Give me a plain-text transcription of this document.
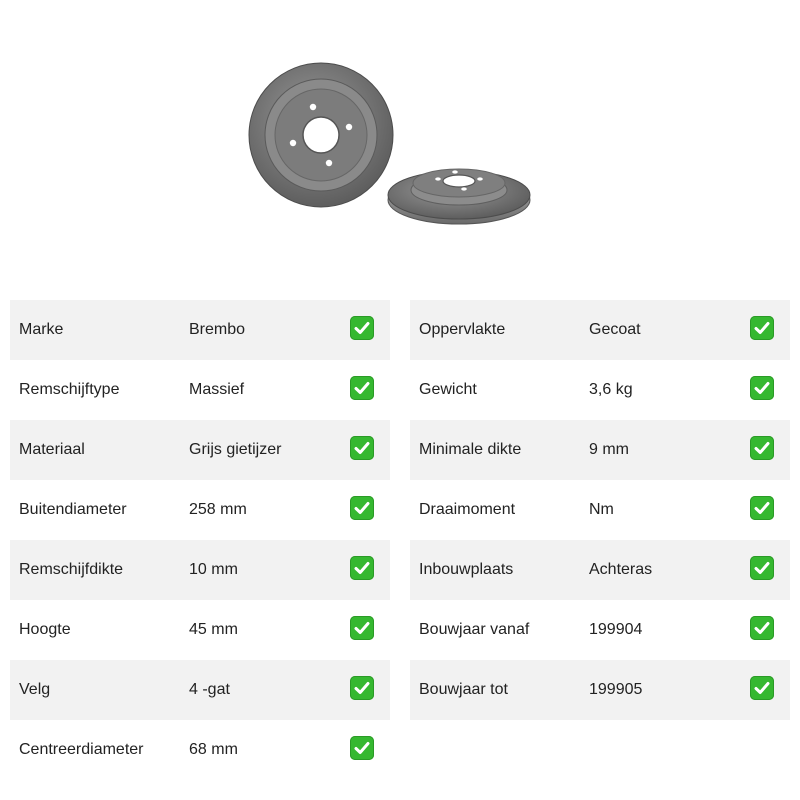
Marke	Brembo
Remschijftype	Massief
Materiaal	Grijs gietijzer
Buitendiameter	258 mm
Remschijfdikte	10 mm
Hoogte	45 mm
Velg	4 -gat
Centreerdiameter	68 mm
Oppervlakte	Gecoat
Gewicht	3,6 kg
Minimale dikte	9 mm
Draaimoment	Nm
Inbouwplaats	Achteras
Bouwjaar vanaf	199904
Bouwjaar tot	199905
